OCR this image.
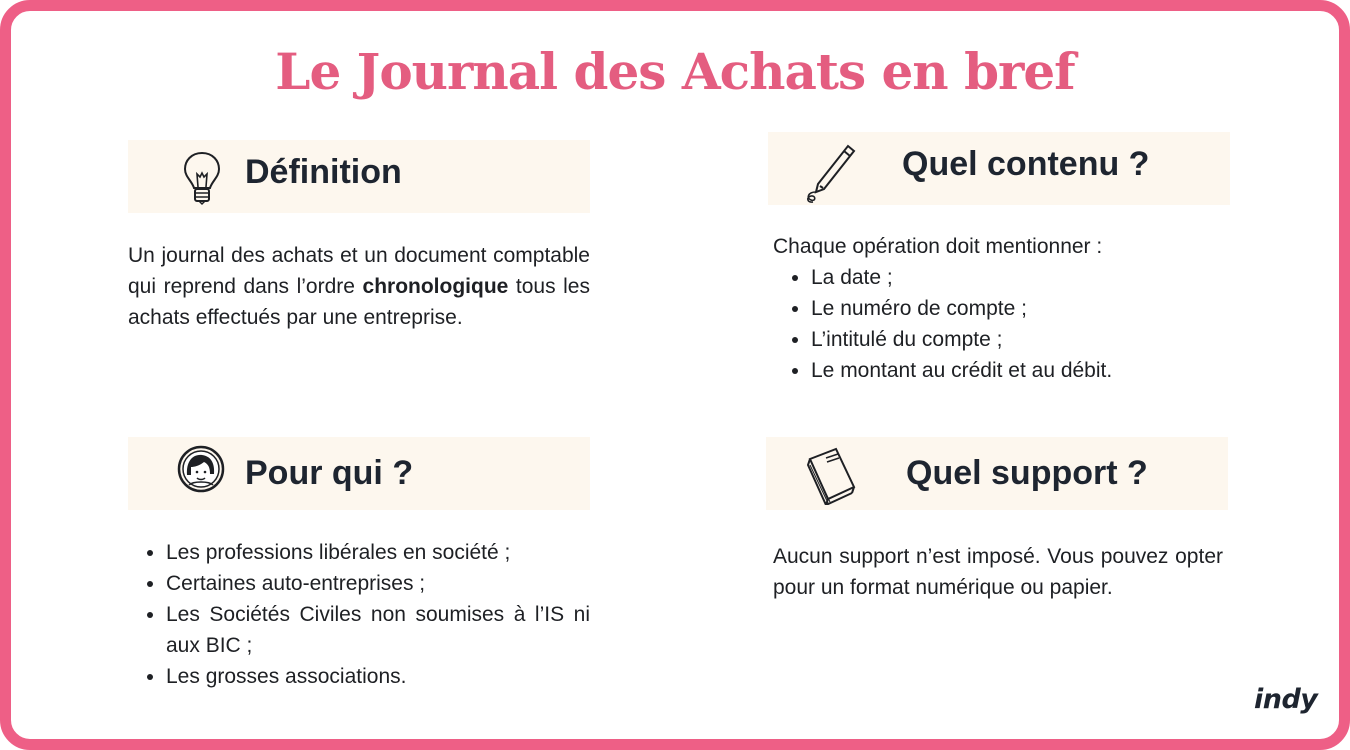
Le Journal des Achats en bref
Définition

Un journal des achats et un document comptable qui reprend dans l’ordre chronologique tous les achats effectués par une entreprise.

Quel contenu ?

Chaque opération doit mentionner :

La date ;
Le numéro de compte ;
L’intitulé du compte ;
Le montant au crédit et au débit.
Pour qui ?
Les professions libérales en société ;
Certaines auto-entreprises ;
Les Sociétés Civiles non soumises à l’IS ni aux BIC ;
Les grosses associations.
Quel support ?

Aucun support n’est imposé. Vous pouvez opter pour un format numérique ou papier.

indy
